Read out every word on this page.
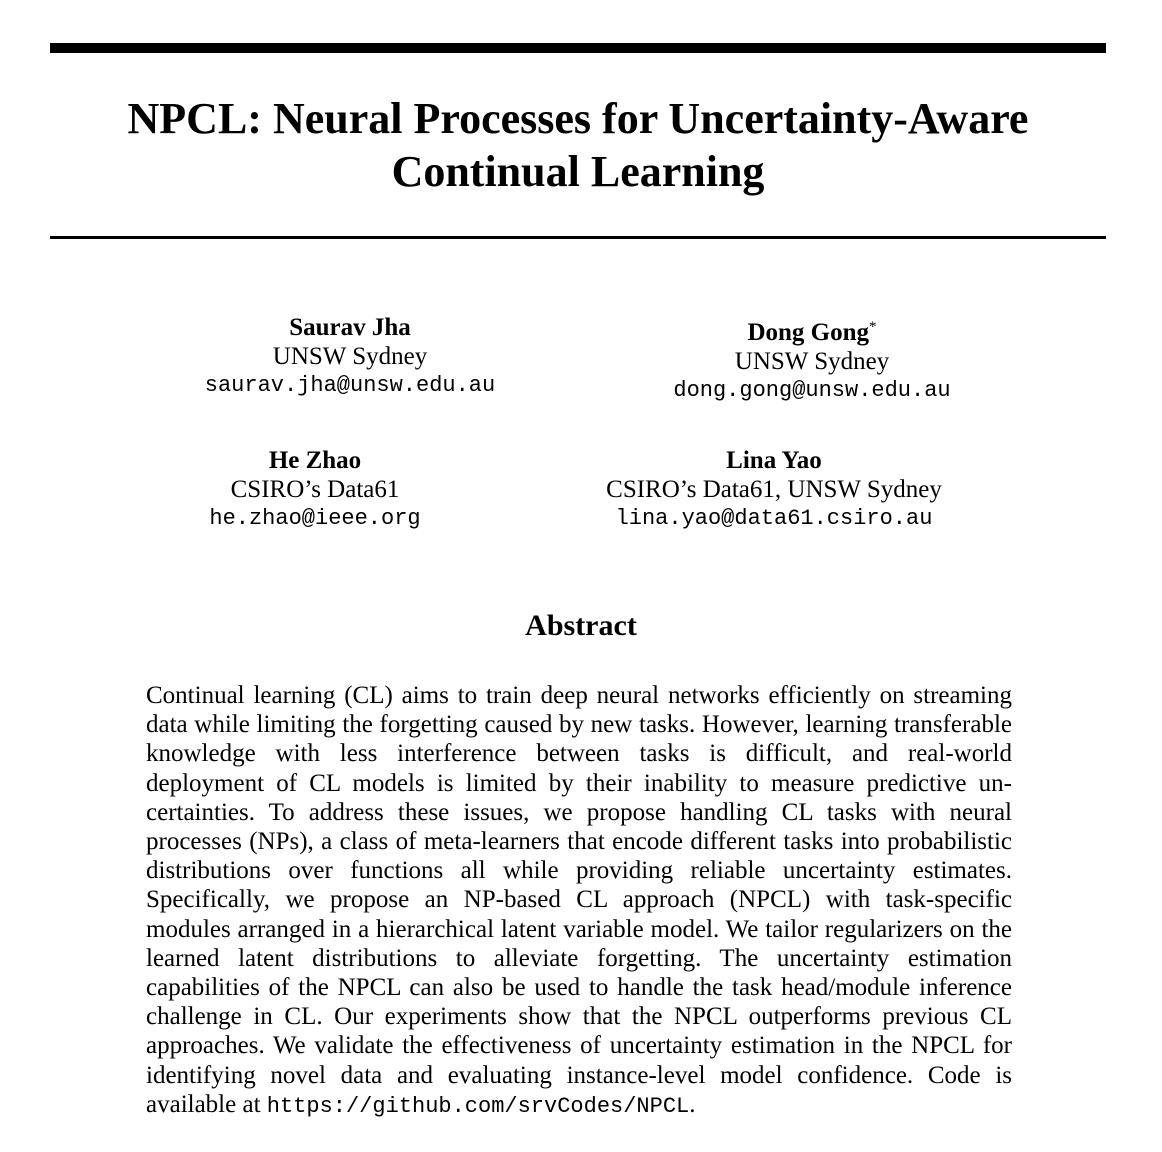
NPCL: Neural Processes for Uncertainty-Aware
Continual Learning
Saurav Jha
UNSW Sydney
saurav.jha@unsw.edu.au
Dong Gong*
UNSW Sydney
dong.gong@unsw.edu.au
He Zhao
CSIRO’s Data61
he.zhao@ieee.org
Lina Yao
CSIRO’s Data61, UNSW Sydney
lina.yao@data61.csiro.au
Abstract

Continual learning (CL) aims to train deep neural networks efficiently on streaming data while limiting the forgetting caused by new tasks. However, learning transferable knowledge with less interference between tasks is difficult, and real-world deployment of CL models is limited by their inability to measure predictive uncertainties. To address these issues, we propose handling CL tasks with neural processes (NPs), a class of meta-learners that encode different tasks into probabilistic distributions over functions all while providing reliable uncertainty estimates. Specifically, we propose an NP-based CL approach (NPCL) with task-specific modules arranged in a hierarchical latent variable model. We tailor regularizers on the learned latent distributions to alleviate forgetting. The uncertainty estimation capabilities of the NPCL can also be used to handle the task head/module inference challenge in CL. Our experiments show that the NPCL outperforms previous CL approaches. We validate the effectiveness of uncertainty estimation in the NPCL for identifying novel data and evaluating instance-level model confidence. Code is available at https://github.com/srvCodes/NPCL.
